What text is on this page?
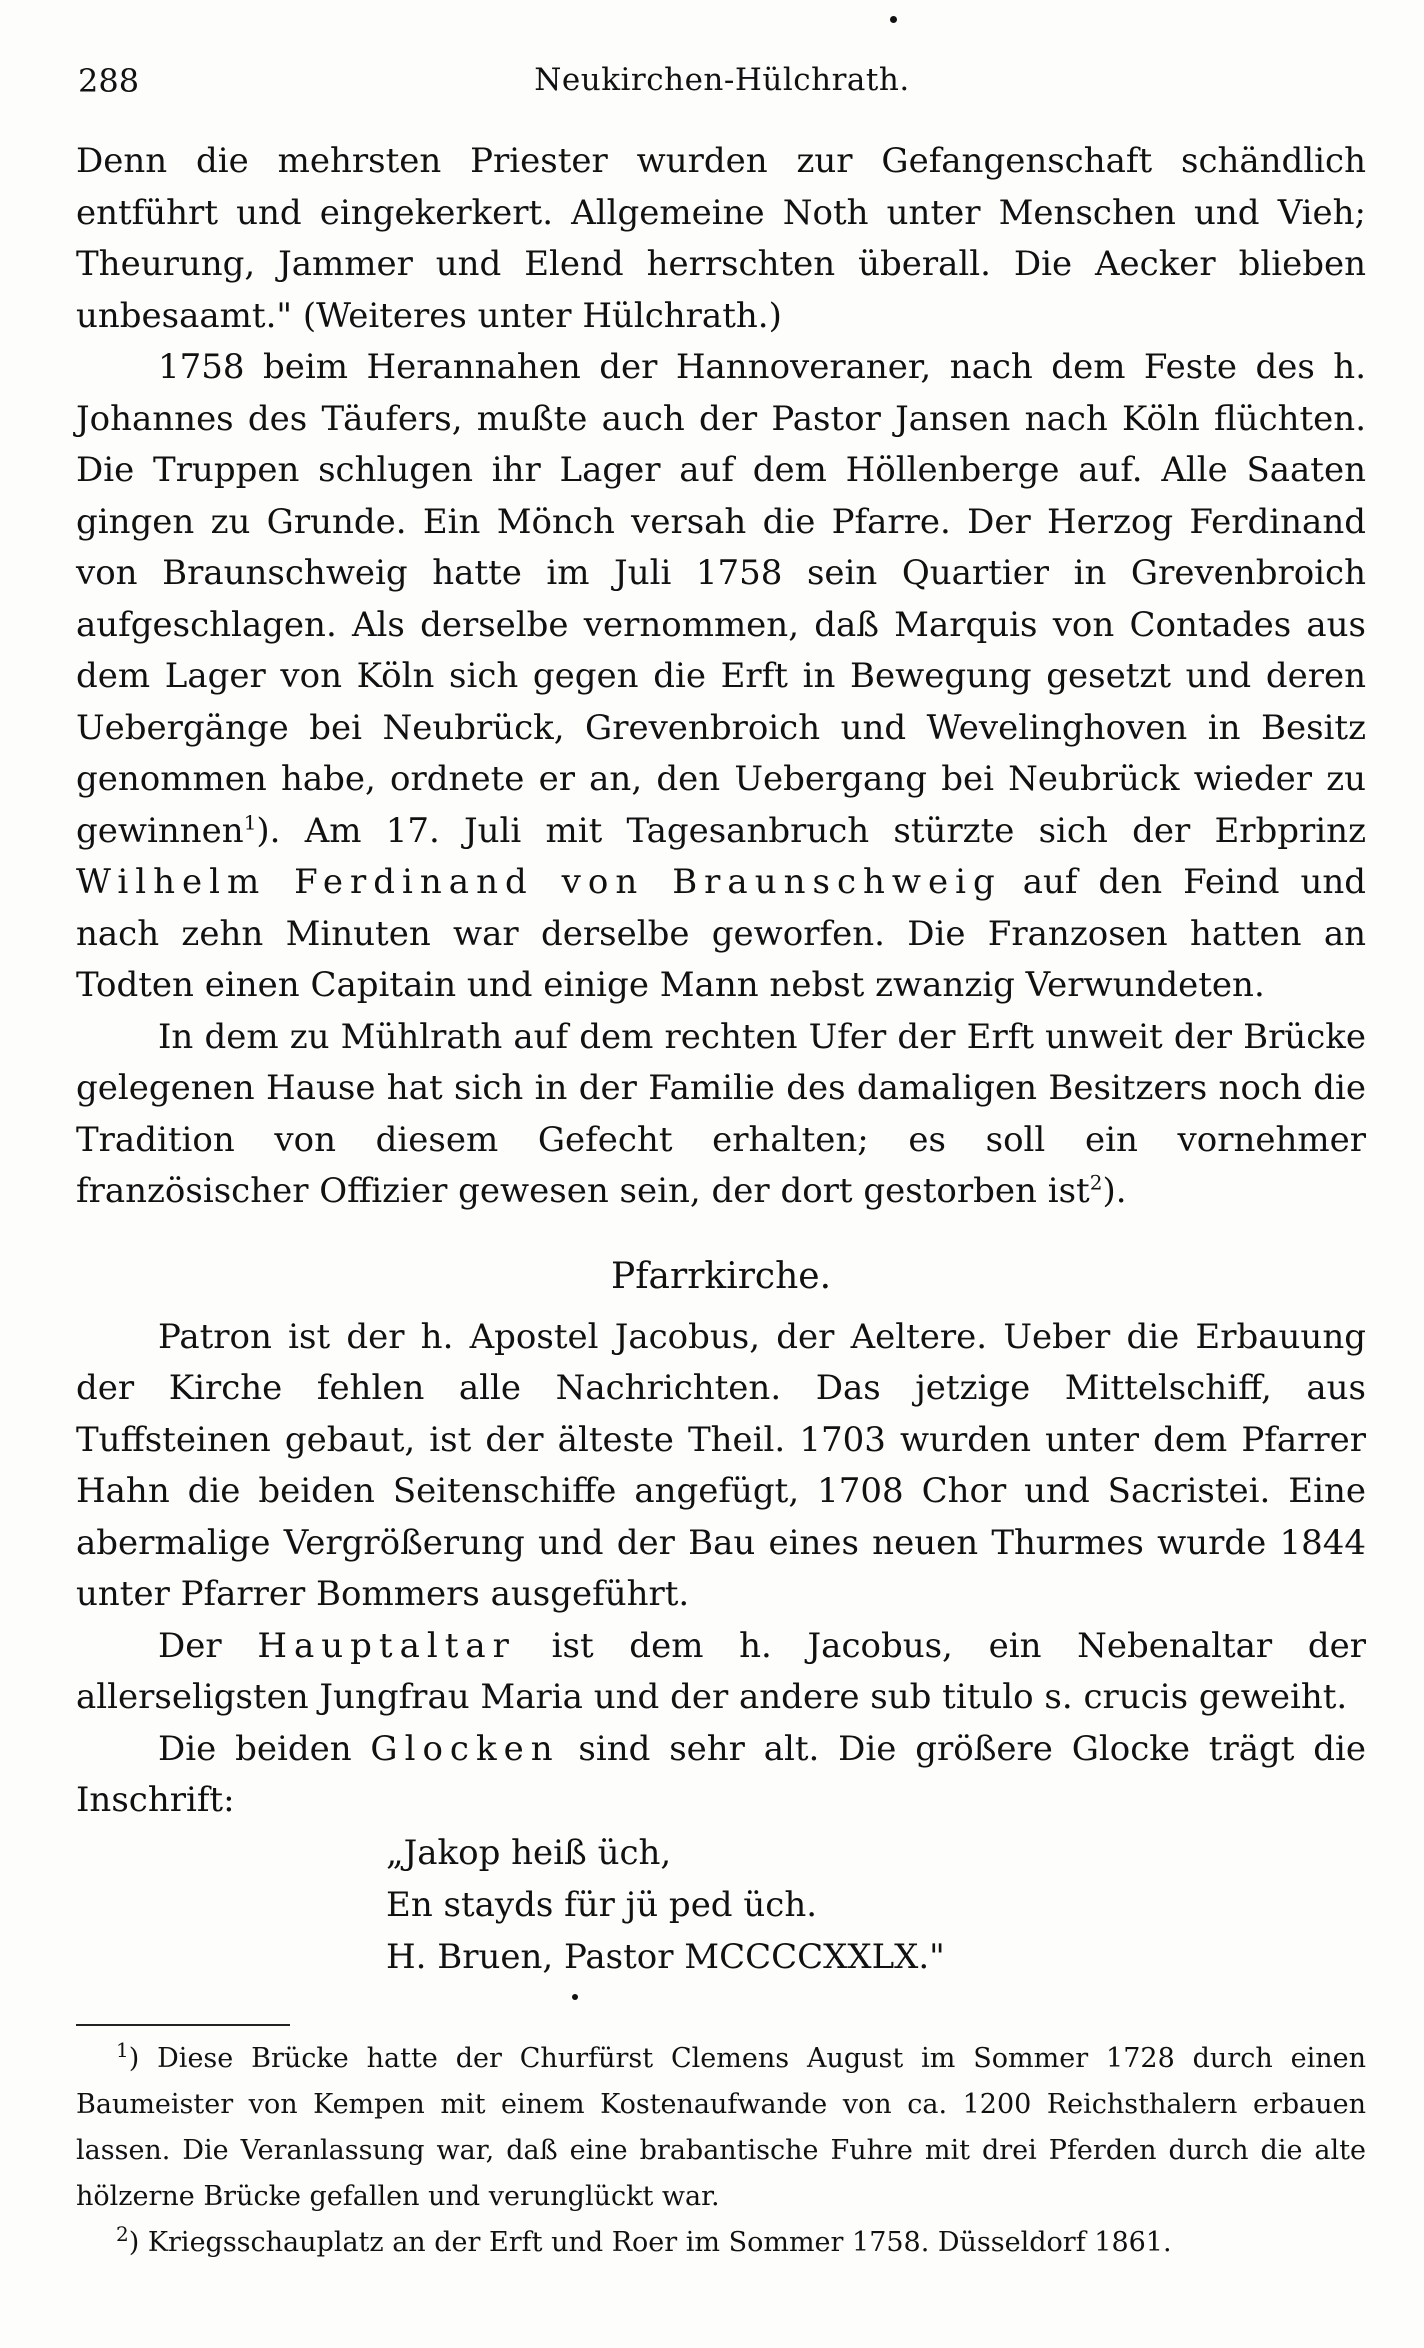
288	Neukirchen-Hülchrath.

Denn die mehrsten Priester wurden zur Gefangenschaft schändlich entführt und eingekerkert. Allgemeine Noth unter Menschen und Vieh; Theurung, Jammer und Elend herrschten überall. Die Aecker blieben unbesaamt." (Weiteres unter Hülchrath.)

1758 beim Herannahen der Hannoveraner, nach dem Feste des h. Johannes des Täufers, mußte auch der Pastor Jansen nach Köln flüchten. Die Truppen schlugen ihr Lager auf dem Höllenberge auf. Alle Saaten gingen zu Grunde. Ein Mönch versah die Pfarre. Der Herzog Ferdinand von Braunschweig hatte im Juli 1758 sein Quartier in Grevenbroich aufgeschlagen. Als derselbe vernommen, daß Marquis von Contades aus dem Lager von Köln sich gegen die Erft in Bewegung gesetzt und deren Uebergänge bei Neubrück, Grevenbroich und Wevelinghoven in Besitz genommen habe, ordnete er an, den Uebergang bei Neubrück wieder zu gewinnen$^1$). Am 17. Juli mit Tagesanbruch stürzte sich der Erbprinz Wilhelm Ferdinand von Braunschweig auf den Feind und nach zehn Minuten war derselbe geworfen. Die Franzosen hatten an Todten einen Capitain und einige Mann nebst zwanzig Verwundeten.

In dem zu Mühlrath auf dem rechten Ufer der Erft unweit der Brücke gelegenen Hause hat sich in der Familie des damaligen Besitzers noch die Tradition von diesem Gefecht erhalten; es soll ein vornehmer französischer Offizier gewesen sein, der dort gestorben ist$^2$).

Pfarrkirche.

Patron ist der h. Apostel Jacobus, der Aeltere. Ueber die Erbauung der Kirche fehlen alle Nachrichten. Das jetzige Mittelschiff, aus Tuffsteinen gebaut, ist der älteste Theil. 1703 wurden unter dem Pfarrer Hahn die beiden Seitenschiffe angefügt, 1708 Chor und Sacristei. Eine abermalige Vergrößerung und der Bau eines neuen Thurmes wurde 1844 unter Pfarrer Bommers ausgeführt.

Der Hauptaltar ist dem h. Jacobus, ein Nebenaltar der allerseligsten Jungfrau Maria und der andere sub titulo s. crucis geweiht.

Die beiden Glocken sind sehr alt. Die größere Glocke trägt die Inschrift:

„Jakop heiß üch,
En stayds für jü ped üch.
H. Bruen, Pastor MCCCCXXLX."

$^1$) Diese Brücke hatte der Churfürst Clemens August im Sommer 1728 durch einen Baumeister von Kempen mit einem Kostenaufwande von ca. 1200 Reichsthalern erbauen lassen. Die Veranlassung war, daß eine brabantische Fuhre mit drei Pferden durch die alte hölzerne Brücke gefallen und verunglückt war.

$^2$) Kriegsschauplatz an der Erft und Roer im Sommer 1758. Düsseldorf 1861.
